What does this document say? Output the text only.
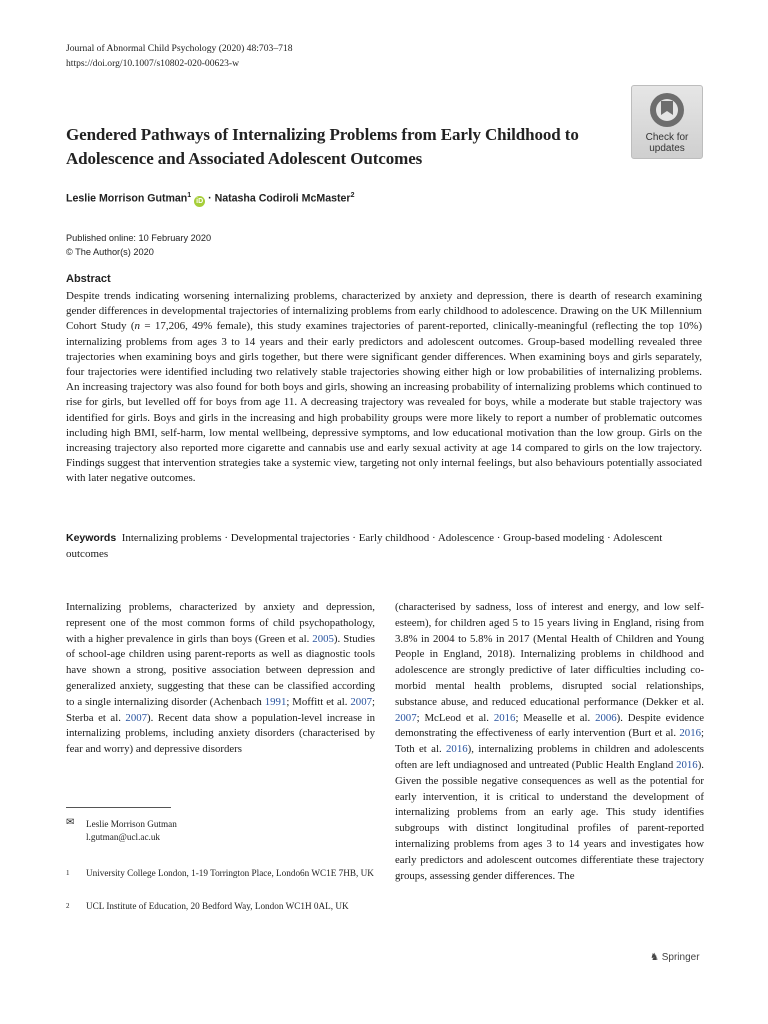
Journal of Abnormal Child Psychology (2020) 48:703–718
https://doi.org/10.1007/s10802-020-00623-w
Gendered Pathways of Internalizing Problems from Early Childhood to Adolescence and Associated Adolescent Outcomes
Check for
updates
Leslie Morrison Gutman$^1$ iD · Natasha Codiroli McMaster$^2$
Published online: 10 February 2020
© The Author(s) 2020
Abstract

Despite trends indicating worsening internalizing problems, characterized by anxiety and depression, there is dearth of research examining gender differences in developmental trajectories of internalizing problems from early childhood to adolescence. Drawing on the UK Millennium Cohort Study (n = 17,206, 49% female), this study examines trajectories of parent-reported, clinically-meaningful (reflecting the top 10%) internalizing problems from ages 3 to 14 years and their early predictors and adolescent outcomes. Group-based modelling revealed three trajectories when examining boys and girls together, but there were significant gender differences. When examining boys and girls separately, four trajectories were identified including two relatively stable trajectories showing either high or low probabilities of internalizing problems. An increasing trajectory was also found for both boys and girls, showing an increasing probability of internalizing problems which continued to rise for girls, but levelled off for boys from age 11. A decreasing trajectory was revealed for boys, while a moderate but stable trajectory was identified for girls. Boys and girls in the increasing and high probability groups were more likely to report a number of problematic outcomes including high BMI, self-harm, low mental wellbeing, depressive symptoms, and low educational motivation than the low group. Girls on the increasing trajectory also reported more cigarette and cannabis use and early sexual activity at age 14 compared to girls on the low trajectory. Findings suggest that intervention strategies take a systemic view, targeting not only internal feelings, but also behaviours potentially associated with later negative outcomes.

Keywords Internalizing problems · Developmental trajectories · Early childhood · Adolescence · Group-based modeling · Adolescent outcomes

Internalizing problems, characterized by anxiety and depression, represent one of the most common forms of child psychopathology, with a higher prevalence in girls than boys (Green et al. 2005). Studies of school-age children using parent-reports as well as diagnostic tools have shown a strong, positive association between depression and generalized anxiety, suggesting that these can be classified according to a single internalizing disorder (Achenbach 1991; Moffitt et al. 2007; Sterba et al. 2007). Recent data show a population-level increase in internalizing problems, including anxiety disorders (characterised by fear and worry) and depressive disorders

(characterised by sadness, loss of interest and energy, and low self-esteem), for children aged 5 to 15 years living in England, rising from 3.8% in 2004 to 5.8% in 2017 (Mental Health of Children and Young People in England, 2018). Internalizing problems in childhood and adolescence are strongly predictive of later difficulties including co-morbid mental health problems, disrupted social relationships, substance abuse, and reduced educational performance (Dekker et al. 2007; McLeod et al. 2016; Measelle et al. 2006). Despite evidence demonstrating the effectiveness of early intervention (Burt et al. 2016; Toth et al. 2016), internalizing problems in children and adolescents often are left undiagnosed and untreated (Public Health England 2016). Given the possible negative consequences as well as the potential for early intervention, it is critical to understand the development of internalizing problems from an early age. This study identifies subgroups with distinct longitudinal profiles of parent-reported internalizing problems from ages 3 to 14 years and investigates how early predictors and adolescent outcomes differentiate these trajectory groups, assessing gender differences. The

✉ Leslie Morrison Gutman
l.gutman@ucl.ac.uk
1 University College London, 1-19 Torrington Place, Londo6n WC1E 7HB, UK
2 UCL Institute of Education, 20 Bedford Way, London WC1H 0AL, UK
♞ Springer
